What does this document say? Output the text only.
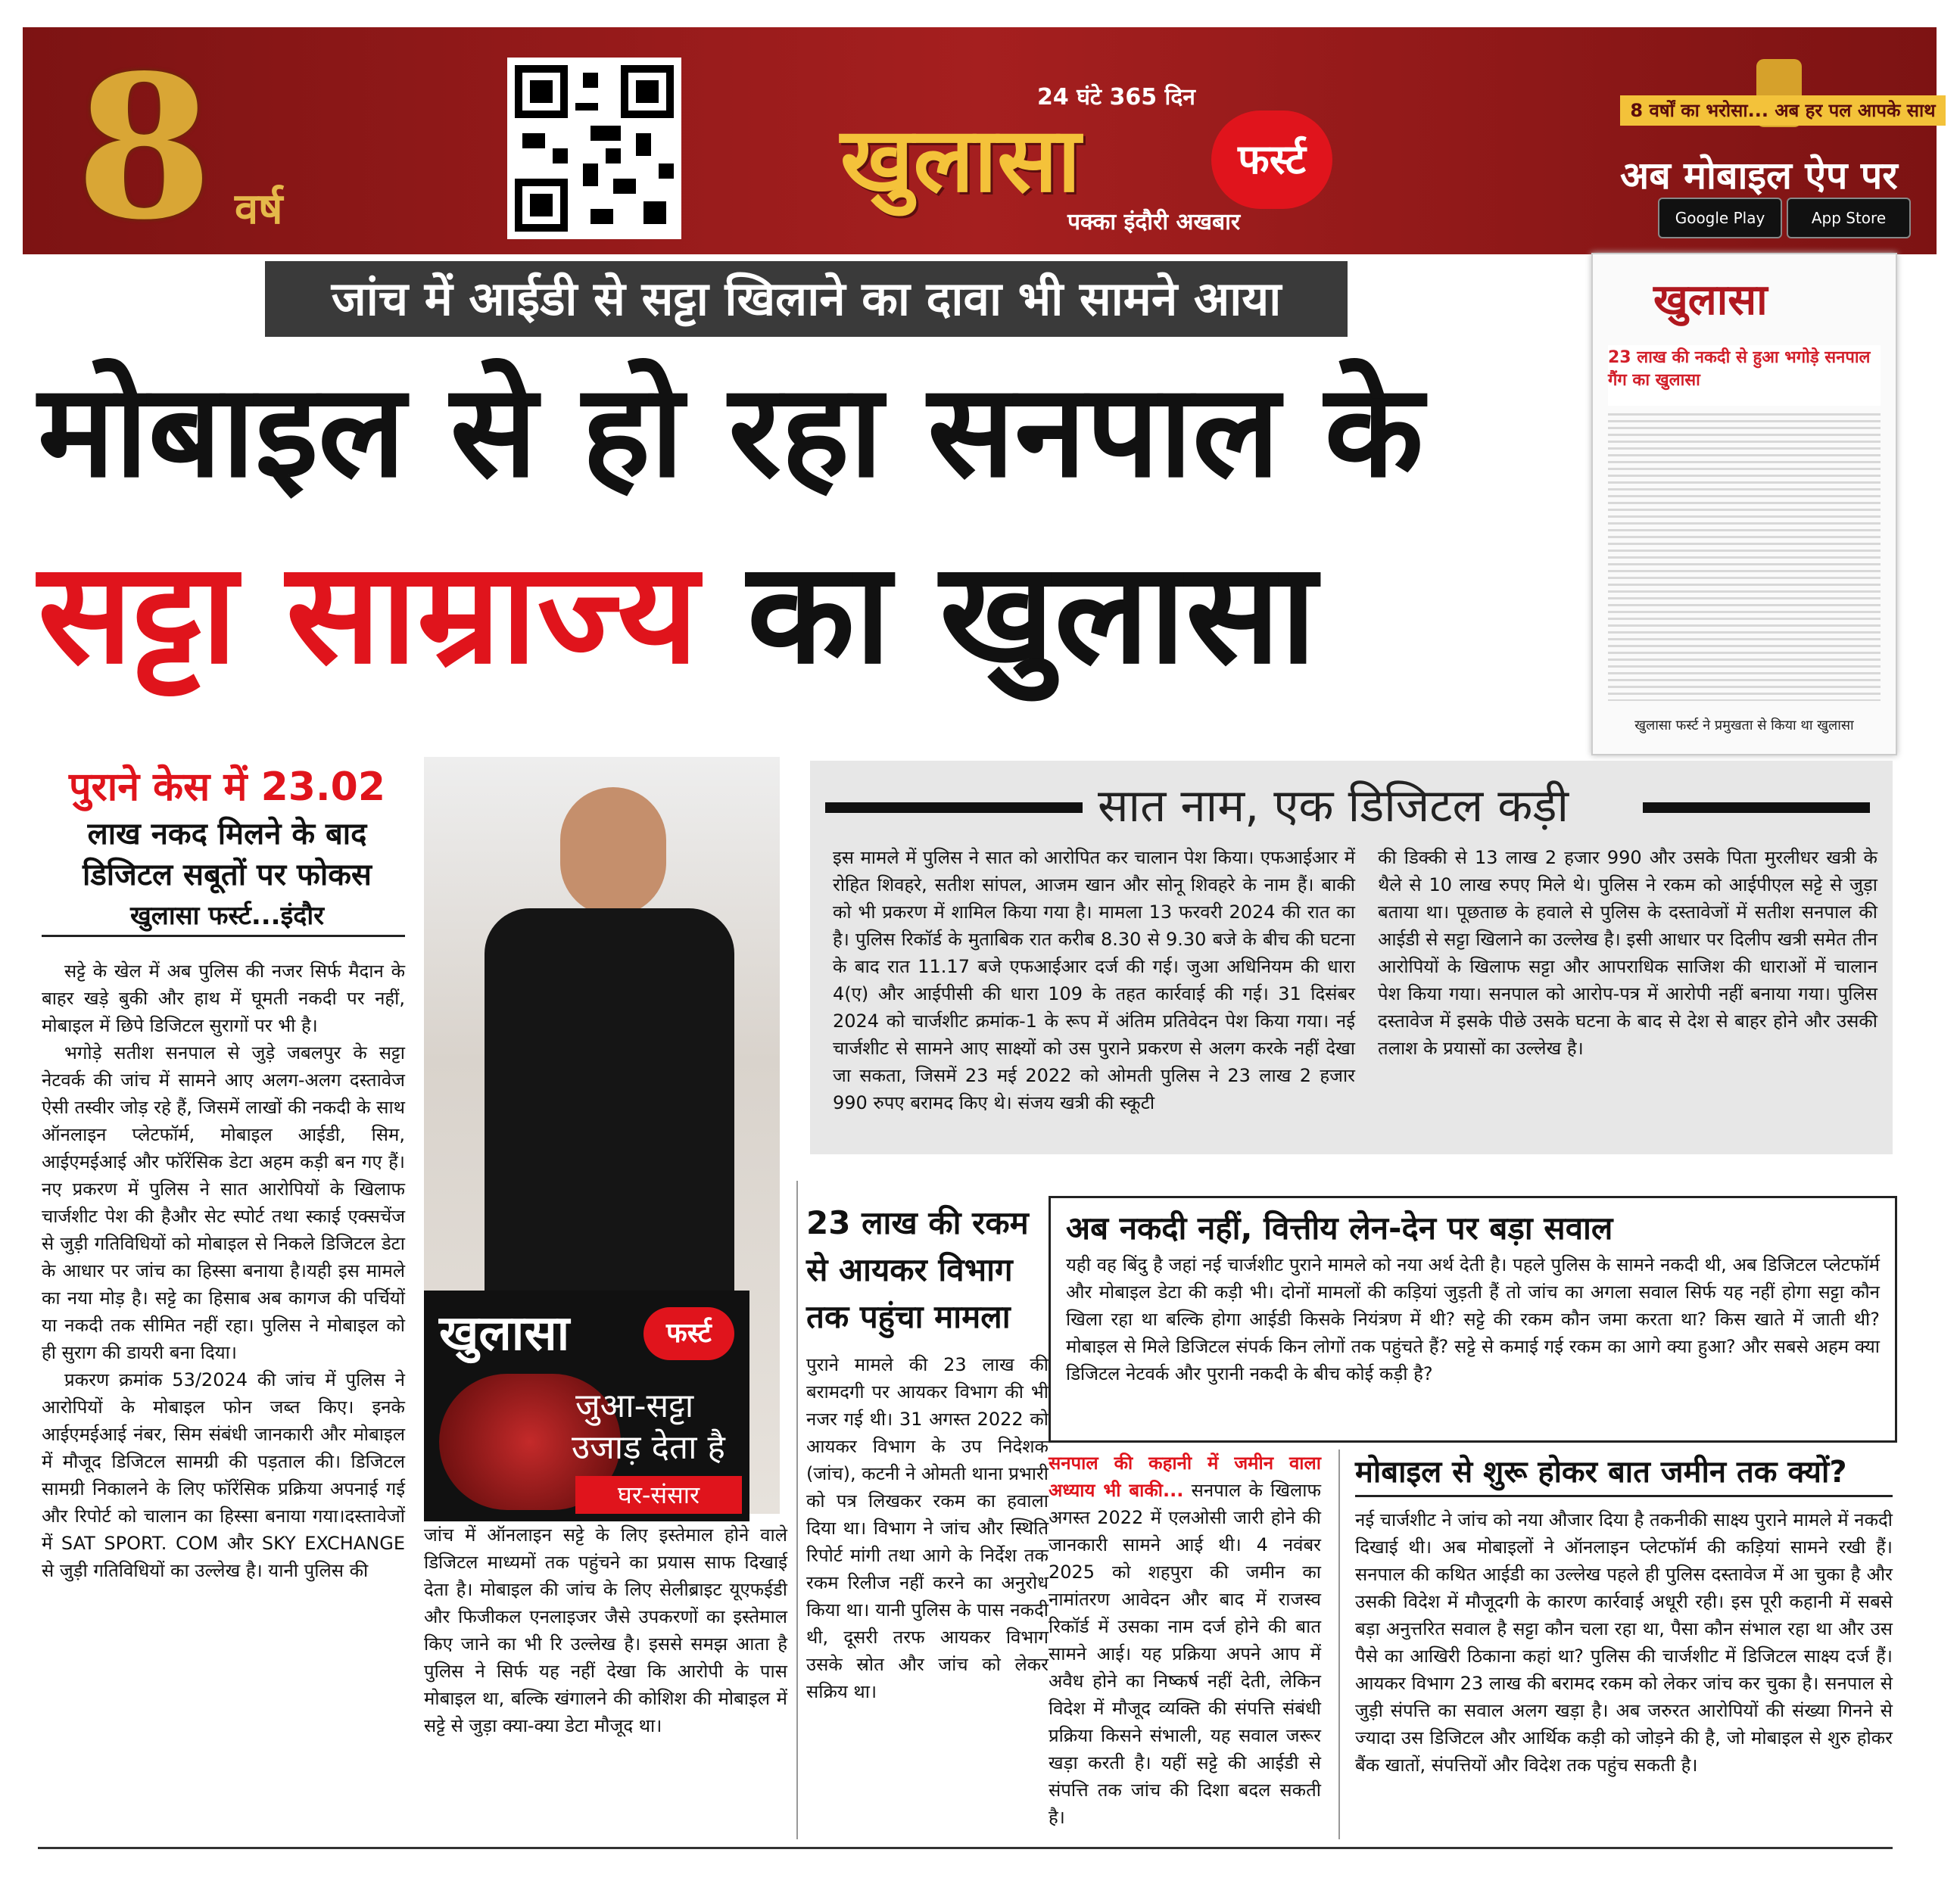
8 वर्ष
24 घंटे 365 दिन
खुलासा	फर्स्ट
पक्का इंदौरी अखबार
8 वर्षों का भरोसा... अब हर पल आपके साथ
अब मोबाइल ऐप पर
Google Play	App Store
जांच में आईडी से सट्टा खिलाने का दावा भी सामने आया
मोबाइल से हो रहा सनपाल के
सट्टा साम्राज्य का खुलासा
खुलासा
23 लाख की नकदी से हुआ भगोड़े सनपाल गैंग का खुलासा
खुलासा फर्स्ट ने प्रमुखता से किया था खुलासा
पुराने केस में 23.02
लाख नकद मिलने के बाद डिजिटल सबूतों पर फोकस
खुलासा फर्स्ट...इंदौर

सट्टे के खेल में अब पुलिस की नजर सिर्फ मैदान के बाहर खड़े बुकी और हाथ में घूमती नकदी पर नहीं, मोबाइल में छिपे डिजिटल सुरागों पर भी है।

भगोड़े सतीश सनपाल से जुड़े जबलपुर के सट्टा नेटवर्क की जांच में सामने आए अलग-अलग दस्तावेज ऐसी तस्वीर जोड़ रहे हैं, जिसमें लाखों की नकदी के साथ ऑनलाइन प्लेटफॉर्म, मोबाइल आईडी, सिम, आईएमईआई और फॉरेंसिक डेटा अहम कड़ी बन गए हैं। नए प्रकरण में पुलिस ने सात आरोपियों के खिलाफ चार्जशीट पेश की हैऔर सेट स्पोर्ट तथा स्काई एक्सचेंज से जुड़ी गतिविधियों को मोबाइल से निकले डिजिटल डेटा के आधार पर जांच का हिस्सा बनाया है।यही इस मामले का नया मोड़ है। सट्टे का हिसाब अब कागज की पर्चियों या नकदी तक सीमित नहीं रहा। पुलिस ने मोबाइल को ही सुराग की डायरी बना दिया।

प्रकरण क्रमांक 53/2024 की जांच में पुलिस ने आरोपियों के मोबाइल फोन जब्त किए। इनके आईएमईआई नंबर, सिम संबंधी जानकारी और मोबाइल में मौजूद डिजिटल सामग्री की पड़ताल की। डिजिटल सामग्री निकालने के लिए फॉरेंसिक प्रक्रिया अपनाई गई और रिपोर्ट को चालान का हिस्सा बनाया गया।दस्तावेजों में SAT SPORT. COM और SKY EXCHANGE से जुड़ी गतिविधियों का उल्लेख है। यानी पुलिस की

खुलासा	फर्स्ट
जुआ-सट्टा
उजाड़ देता है
घर-संसार
जांच में ऑनलाइन सट्टे के लिए इस्तेमाल होने वाले डिजिटल माध्यमों तक पहुंचने का प्रयास साफ दिखाई देता है। मोबाइल की जांच के लिए सेलीब्राइट यूएफईडी और फिजीकल एनलाइजर जैसे उपकरणों का इस्तेमाल किए जाने का भी रि उल्लेख है। इससे समझ आता है पुलिस ने सिर्फ यह नहीं देखा कि आरोपी के पास मोबाइल था, बल्कि खंगालने की कोशिश की मोबाइल में सट्टे से जुड़ा क्या-क्या डेटा मौजूद था।
सात नाम, एक डिजिटल कड़ी
इस मामले में पुलिस ने सात को आरोपित कर चालान पेश किया। एफआईआर में रोहित शिवहरे, सतीश सांपल, आजम खान और सोनू शिवहरे के नाम हैं। बाकी को भी प्रकरण में शामिल किया गया है। मामला 13 फरवरी 2024 की रात का है। पुलिस रिकॉर्ड के मुताबिक रात करीब 8.30 से 9.30 बजे के बीच की घटना के बाद रात 11.17 बजे एफआईआर दर्ज की गई। जुआ अधिनियम की धारा 4(ए) और आईपीसी की धारा 109 के तहत कार्रवाई की गई। 31 दिसंबर 2024 को चार्जशीट क्रमांक-1 के रूप में अंतिम प्रतिवेदन पेश किया गया। नई चार्जशीट से सामने आए साक्ष्यों को उस पुराने प्रकरण से अलग करके नहीं देखा जा सकता, जिसमें 23 मई 2022 को ओमती पुलिस ने 23 लाख 2 हजार 990 रुपए बरामद किए थे। संजय खत्री की स्कूटी
की डिक्की से 13 लाख 2 हजार 990 और उसके पिता मुरलीधर खत्री के थैले से 10 लाख रुपए मिले थे। पुलिस ने रकम को आईपीएल सट्टे से जुड़ा बताया था। पूछताछ के हवाले से पुलिस के दस्तावेजों में सतीश सनपाल की आईडी से सट्टा खिलाने का उल्लेख है। इसी आधार पर दिलीप खत्री समेत तीन आरोपियों के खिलाफ सट्टा और आपराधिक साजिश की धाराओं में चालान पेश किया गया। सनपाल को आरोप-पत्र में आरोपी नहीं बनाया गया। पुलिस दस्तावेज में इसके पीछे उसके घटना के बाद से देश से बाहर होने और उसकी तलाश के प्रयासों का उल्लेख है।
23 लाख की रकम से आयकर विभाग तक पहुंचा मामला
पुराने मामले की 23 लाख की बरामदगी पर आयकर विभाग की भी नजर गई थी। 31 अगस्त 2022 को आयकर विभाग के उप निदेशक (जांच), कटनी ने ओमती थाना प्रभारी को पत्र लिखकर रकम का हवाला दिया था। विभाग ने जांच और स्थिति रिपोर्ट मांगी तथा आगे के निर्देश तक रकम रिलीज नहीं करने का अनुरोध किया था। यानी पुलिस के पास नकदी थी, दूसरी तरफ आयकर विभाग उसके स्रोत और जांच को लेकर सक्रिय था।
अब नकदी नहीं, वित्तीय लेन-देन पर बड़ा सवाल
यही वह बिंदु है जहां नई चार्जशीट पुराने मामले को नया अर्थ देती है। पहले पुलिस के सामने नकदी थी, अब डिजिटल प्लेटफॉर्म और मोबाइल डेटा की कड़ी भी। दोनों मामलों की कड़ियां जुड़ती हैं तो जांच का अगला सवाल सिर्फ यह नहीं होगा सट्टा कौन खिला रहा था बल्कि होगा आईडी किसके नियंत्रण में थी? सट्टे की रकम कौन जमा करता था? किस खाते में जाती थी? मोबाइल से मिले डिजिटल संपर्क किन लोगों तक पहुंचते हैं? सट्टे से कमाई गई रकम का आगे क्या हुआ? और सबसे अहम क्या डिजिटल नेटवर्क और पुरानी नकदी के बीच कोई कड़ी है?
सनपाल की कहानी में जमीन वाला अध्याय भी बाकी... सनपाल के खिलाफ अगस्त 2022 में एलओसी जारी होने की जानकारी सामने आई थी। 4 नवंबर 2025 को शहपुरा की जमीन का नामांतरण आवेदन और बाद में राजस्व रिकॉर्ड में उसका नाम दर्ज होने की बात सामने आई। यह प्रक्रिया अपने आप में अवैध होने का निष्कर्ष नहीं देती, लेकिन विदेश में मौजूद व्यक्ति की संपत्ति संबंधी प्रक्रिया किसने संभाली, यह सवाल जरूर खड़ा करती है। यहीं सट्टे की आईडी से संपत्ति तक जांच की दिशा बदल सकती है।
मोबाइल से शुरू होकर बात जमीन तक क्यों?
नई चार्जशीट ने जांच को नया औजार दिया है तकनीकी साक्ष्य पुराने मामले में नकदी दिखाई थी। अब मोबाइलों ने ऑनलाइन प्लेटफॉर्म की कड़ियां सामने रखी हैं। सनपाल की कथित आईडी का उल्लेख पहले ही पुलिस दस्तावेज में आ चुका है और उसकी विदेश में मौजूदगी के कारण कार्रवाई अधूरी रही। इस पूरी कहानी में सबसे बड़ा अनुत्तरित सवाल है सट्टा कौन चला रहा था, पैसा कौन संभाल रहा था और उस पैसे का आखिरी ठिकाना कहां था? पुलिस की चार्जशीट में डिजिटल साक्ष्य दर्ज हैं। आयकर विभाग 23 लाख की बरामद रकम को लेकर जांच कर चुका है। सनपाल से जुड़ी संपत्ति का सवाल अलग खड़ा है। अब जरुरत आरोपियों की संख्या गिनने से ज्यादा उस डिजिटल और आर्थिक कड़ी को जोड़ने की है, जो मोबाइल से शुरु होकर बैंक खातों, संपत्तियों और विदेश तक पहुंच सकती है।
